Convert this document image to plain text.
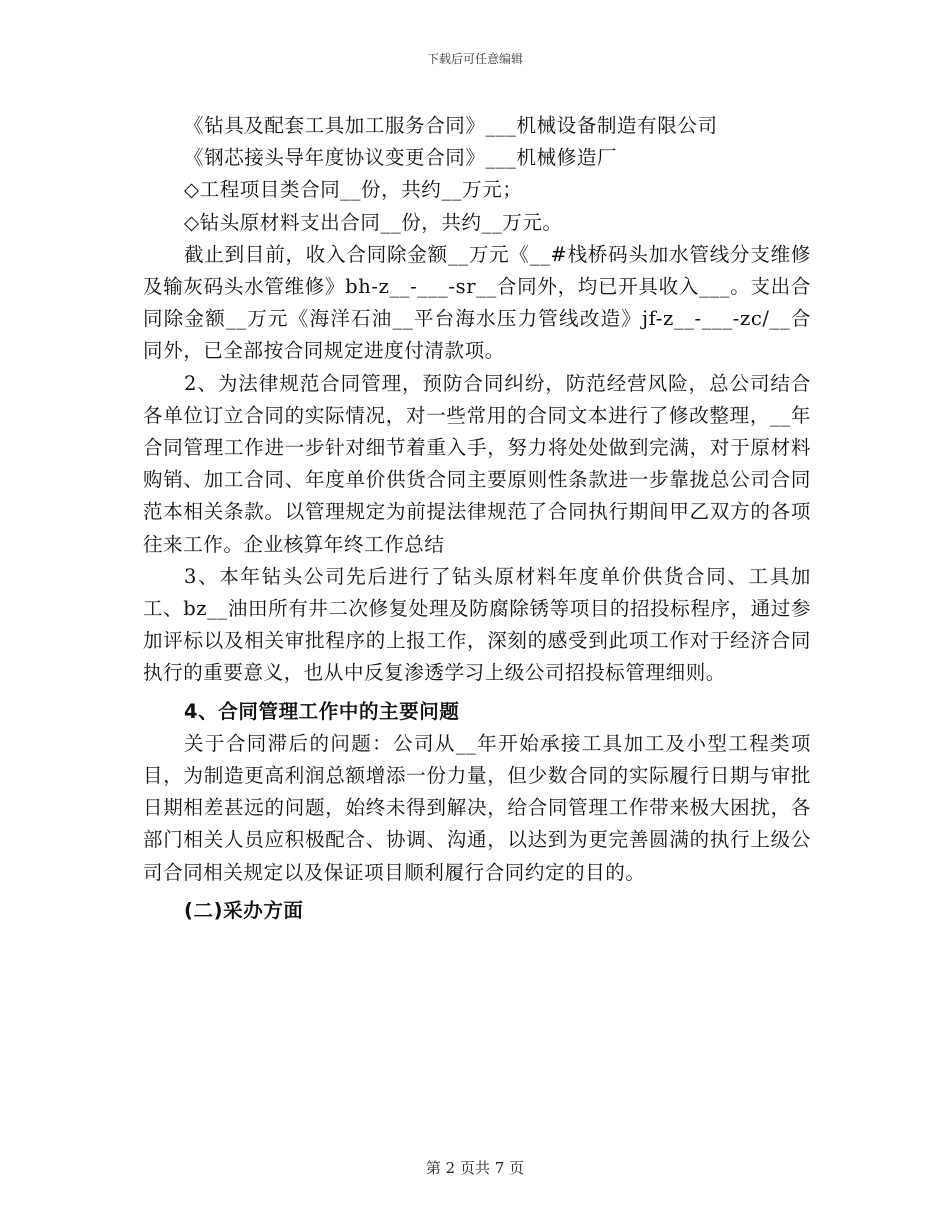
下载后可任意编辑

《钻具及配套工具加工服务合同》___机械设备制造有限公司

《钢芯接头导年度协议变更合同》___机械修造厂

◇工程项目类合同__份，共约__万元；

◇钻头原材料支出合同__份，共约__万元。

截止到目前，收入合同除金额__万元《__#栈桥码头加水管线分支维修及输灰码头水管维修》bh-z__-___-sr__合同外，均已开具收入___。支出合同除金额__万元《海洋石油__平台海水压力管线改造》jf-z__-___-zc/__合同外，已全部按合同规定进度付清款项。

2、为法律规范合同管理，预防合同纠纷，防范经营风险，总公司结合各单位订立合同的实际情况，对一些常用的合同文本进行了修改整理，__年合同管理工作进一步针对细节着重入手，努力将处处做到完满，对于原材料购销、加工合同、年度单价供货合同主要原则性条款进一步靠拢总公司合同范本相关条款。以管理规定为前提法律规范了合同执行期间甲乙双方的各项往来工作。企业核算年终工作总结

3、本年钻头公司先后进行了钻头原材料年度单价供货合同、工具加工、bz__油田所有井二次修复处理及防腐除锈等项目的招投标程序，通过参加评标以及相关审批程序的上报工作，深刻的感受到此项工作对于经济合同执行的重要意义，也从中反复渗透学习上级公司招投标管理细则。

4、合同管理工作中的主要问题

关于合同滞后的问题：公司从__年开始承接工具加工及小型工程类项目，为制造更高利润总额增添一份力量，但少数合同的实际履行日期与审批日期相差甚远的问题，始终未得到解决，给合同管理工作带来极大困扰，各部门相关人员应积极配合、协调、沟通，以达到为更完善圆满的执行上级公司合同相关规定以及保证项目顺利履行合同约定的目的。

(二)采办方面

第 2 页共 7 页
